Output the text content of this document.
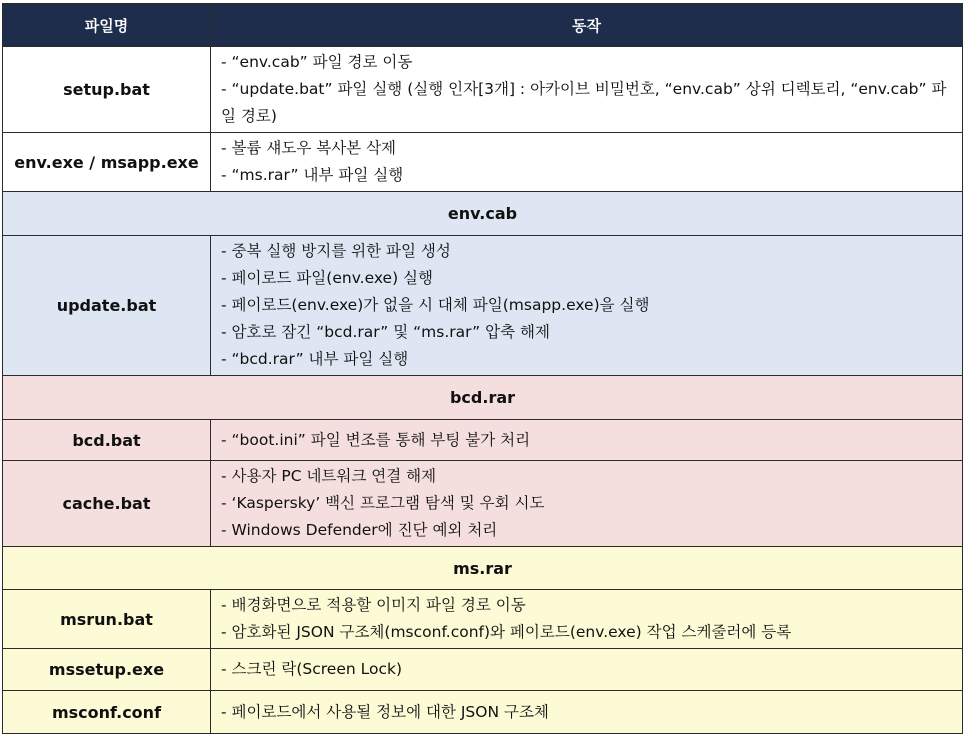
파일명	동작
setup.bat	- “env.cab” 파일 경로 이동
- “update.bat” 파일 실행 (실행 인자[3개] : 아카이브 비밀번호, “env.cab” 상위 디렉토리, “env.cab” 파일 경로)

env.exe / msapp.exe	- 볼륨 섀도우 복사본 삭제
- “ms.rar” 내부 파일 실행

env.cab	
update.bat	- 중복 실행 방지를 위한 파일 생성
- 페이로드 파일(env.exe) 실행
- 페이로드(env.exe)가 없을 시 대체 파일(msapp.exe)을 실행
- 암호로 잠긴 “bcd.rar” 및 “ms.rar” 압축 해제
- “bcd.rar” 내부 파일 실행

bcd.rar	
bcd.bat	- “boot.ini” 파일 변조를 통해 부팅 불가 처리

cache.bat	- 사용자 PC 네트워크 연결 해제
- ‘Kaspersky’ 백신 프로그램 탐색 및 우회 시도
- Windows Defender에 진단 예외 처리

ms.rar	
msrun.bat	- 배경화면으로 적용할 이미지 파일 경로 이동
- 암호화된 JSON 구조체(msconf.conf)와 페이로드(env.exe) 작업 스케줄러에 등록

mssetup.exe	- 스크린 락(Screen Lock)

msconf.conf	- 페이로드에서 사용될 정보에 대한 JSON 구조체
